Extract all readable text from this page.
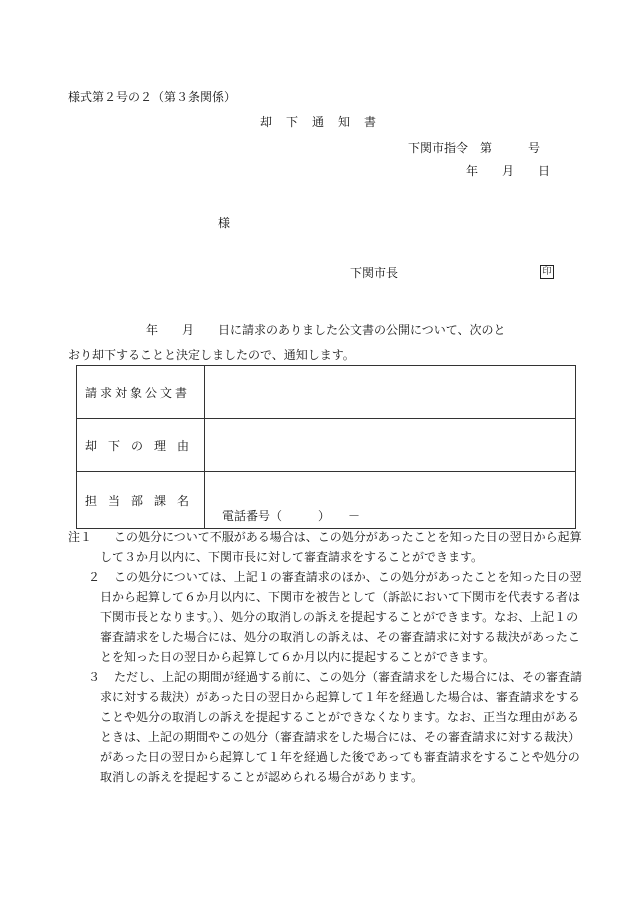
様式第２号の２（第３条関係）
却下通知書
下関市指令　第　　　号
年　　月　　日
様
下関市長	印
年　　月　　日に請求のありました公文書の公開について、次のと
おり却下することと決定しましたので、通知します。
請求対象公文書	
却下の理由	
担当部課名	電話番号（　　　）　　－
注１	この処分について不服がある場合は、この処分があったことを知った日の翌日から起算して３か月以内に、下関市長に対して審査請求をすることができます。
２	この処分については、上記１の審査請求のほか、この処分があったことを知った日の翌日から起算して６か月以内に、下関市を被告として（訴訟において下関市を代表する者は下関市長となります。）、処分の取消しの訴えを提起することができます。なお、上記１の審査請求をした場合には、処分の取消しの訴えは、その審査請求に対する裁決があったことを知った日の翌日から起算して６か月以内に提起することができます。
３	ただし、上記の期間が経過する前に、この処分（審査請求をした場合には、その審査請求に対する裁決）があった日の翌日から起算して１年を経過した場合は、審査請求をすることや処分の取消しの訴えを提起することができなくなります。なお、正当な理由があるときは、上記の期間やこの処分（審査請求をした場合には、その審査請求に対する裁決）があった日の翌日から起算して１年を経過した後であっても審査請求をすることや処分の取消しの訴えを提起することが認められる場合があります。
